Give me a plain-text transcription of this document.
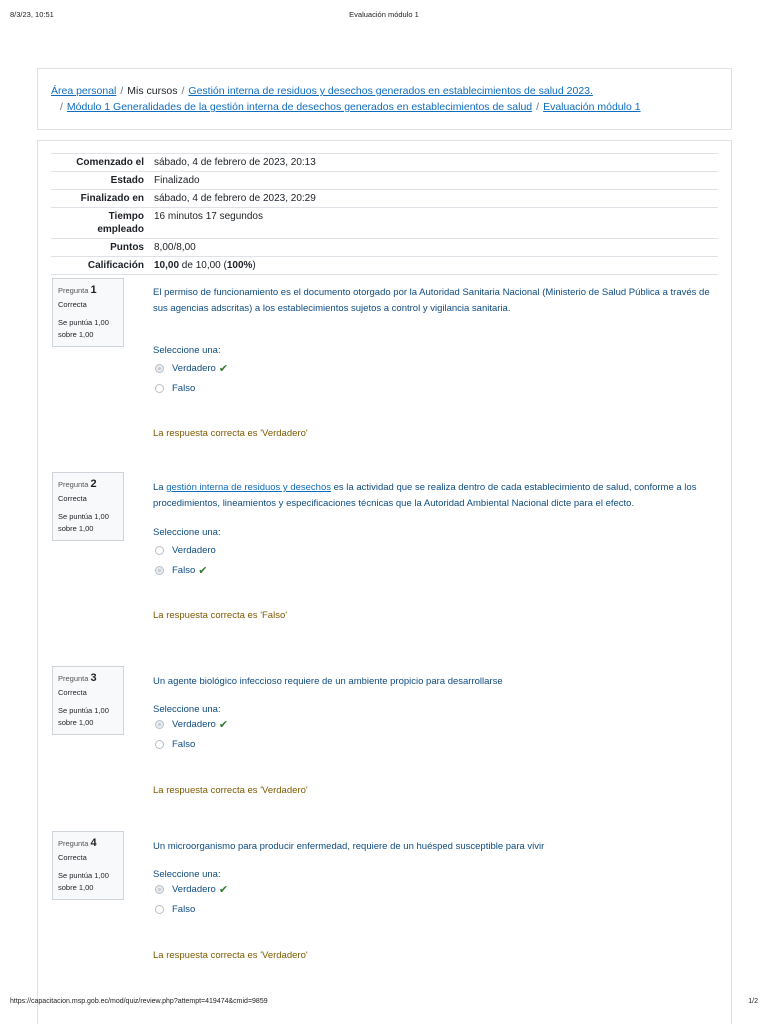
8/3/23, 10:51	Evaluación módulo 1
Área personal / Mis cursos / Gestión interna de residuos y desechos generados en establecimientos de salud 2023.
/ Módulo 1 Generalidades de la gestión interna de desechos generados en establecimientos de salud / Evaluación módulo 1
Comenzado el	sábado, 4 de febrero de 2023, 20:13
Estado	Finalizado
Finalizado en	sábado, 4 de febrero de 2023, 20:29
Tiempo empleado	16 minutos 17 segundos
Puntos	8,00/8,00
Calificación	10,00 de 10,00 (100%)
Pregunta 1
Correcta
Se puntúa 1,00 sobre 1,00
El permiso de funcionamiento es el documento otorgado por la Autoridad Sanitaria Nacional (Ministerio de Salud Pública a través de sus agencias adscritas) a los establecimientos sujetos a control y vigilancia sanitaria.
Seleccione una:
Verdadero ✔
Falso
La respuesta correcta es 'Verdadero'
Pregunta 2
Correcta
Se puntúa 1,00 sobre 1,00
La gestión interna de residuos y desechos es la actividad que se realiza dentro de cada establecimiento de salud, conforme a los procedimientos, lineamientos y especificaciones técnicas que la Autoridad Ambiental Nacional dicte para el efecto.
Seleccione una:
Verdadero
Falso ✔
La respuesta correcta es 'Falso'
Pregunta 3
Correcta
Se puntúa 1,00 sobre 1,00
Un agente biológico infeccioso requiere de un ambiente propicio para desarrollarse
Seleccione una:
Verdadero ✔
Falso
La respuesta correcta es 'Verdadero'
Pregunta 4
Correcta
Se puntúa 1,00 sobre 1,00
Un microorganismo para producir enfermedad, requiere de un huésped susceptible para vivir
Seleccione una:
Verdadero ✔
Falso
La respuesta correcta es 'Verdadero'
https://capacitacion.msp.gob.ec/mod/quiz/review.php?attempt=419474&cmid=9859	1/2
